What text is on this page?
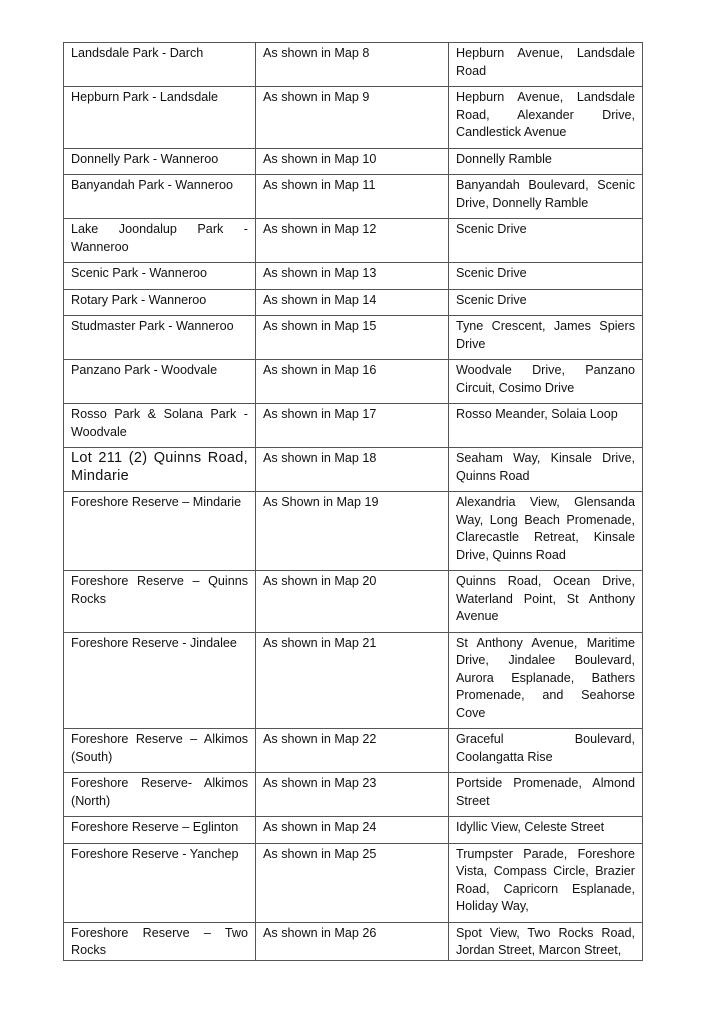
Landsdale Park - Darch	As shown in Map 8	Hepburn Avenue, Landsdale Road
Hepburn Park - Landsdale	As shown in Map 9	Hepburn Avenue, Landsdale Road, Alexander Drive, Candlestick Avenue
Donnelly Park - Wanneroo	As shown in Map 10	Donnelly Ramble
Banyandah Park - Wanneroo	As shown in Map 11	Banyandah Boulevard, Scenic Drive, Donnelly Ramble
Lake Joondalup Park - Wanneroo	As shown in Map 12	Scenic Drive
Scenic Park - Wanneroo	As shown in Map 13	Scenic Drive
Rotary Park - Wanneroo	As shown in Map 14	Scenic Drive
Studmaster Park - Wanneroo	As shown in Map 15	Tyne Crescent, James Spiers Drive
Panzano Park - Woodvale	As shown in Map 16	Woodvale Drive, Panzano Circuit, Cosimo Drive
Rosso Park & Solana Park - Woodvale	As shown in Map 17	Rosso Meander, Solaia Loop
Lot 211 (2) Quinns Road, Mindarie	As shown in Map 18	Seaham Way, Kinsale Drive, Quinns Road
Foreshore Reserve – Mindarie	As Shown in Map 19	Alexandria View, Glensanda Way, Long Beach Promenade, Clarecastle Retreat, Kinsale Drive, Quinns Road
Foreshore Reserve – Quinns Rocks	As shown in Map 20	Quinns Road, Ocean Drive, Waterland Point, St Anthony Avenue
Foreshore Reserve - Jindalee	As shown in Map 21	St Anthony Avenue, Maritime Drive, Jindalee Boulevard, Aurora Esplanade, Bathers Promenade, and Seahorse Cove
Foreshore Reserve – Alkimos (South)	As shown in Map 22	Graceful Boulevard, Coolangatta Rise
Foreshore Reserve- Alkimos (North)	As shown in Map 23	Portside Promenade, Almond Street
Foreshore Reserve – Eglinton	As shown in Map 24	Idyllic View, Celeste Street
Foreshore Reserve - Yanchep	As shown in Map 25	Trumpster Parade, Foreshore Vista, Compass Circle, Brazier Road, Capricorn Esplanade, Holiday Way,
Foreshore Reserve – Two Rocks	As shown in Map 26	Spot View, Two Rocks Road, Jordan Street, Marcon Street,
